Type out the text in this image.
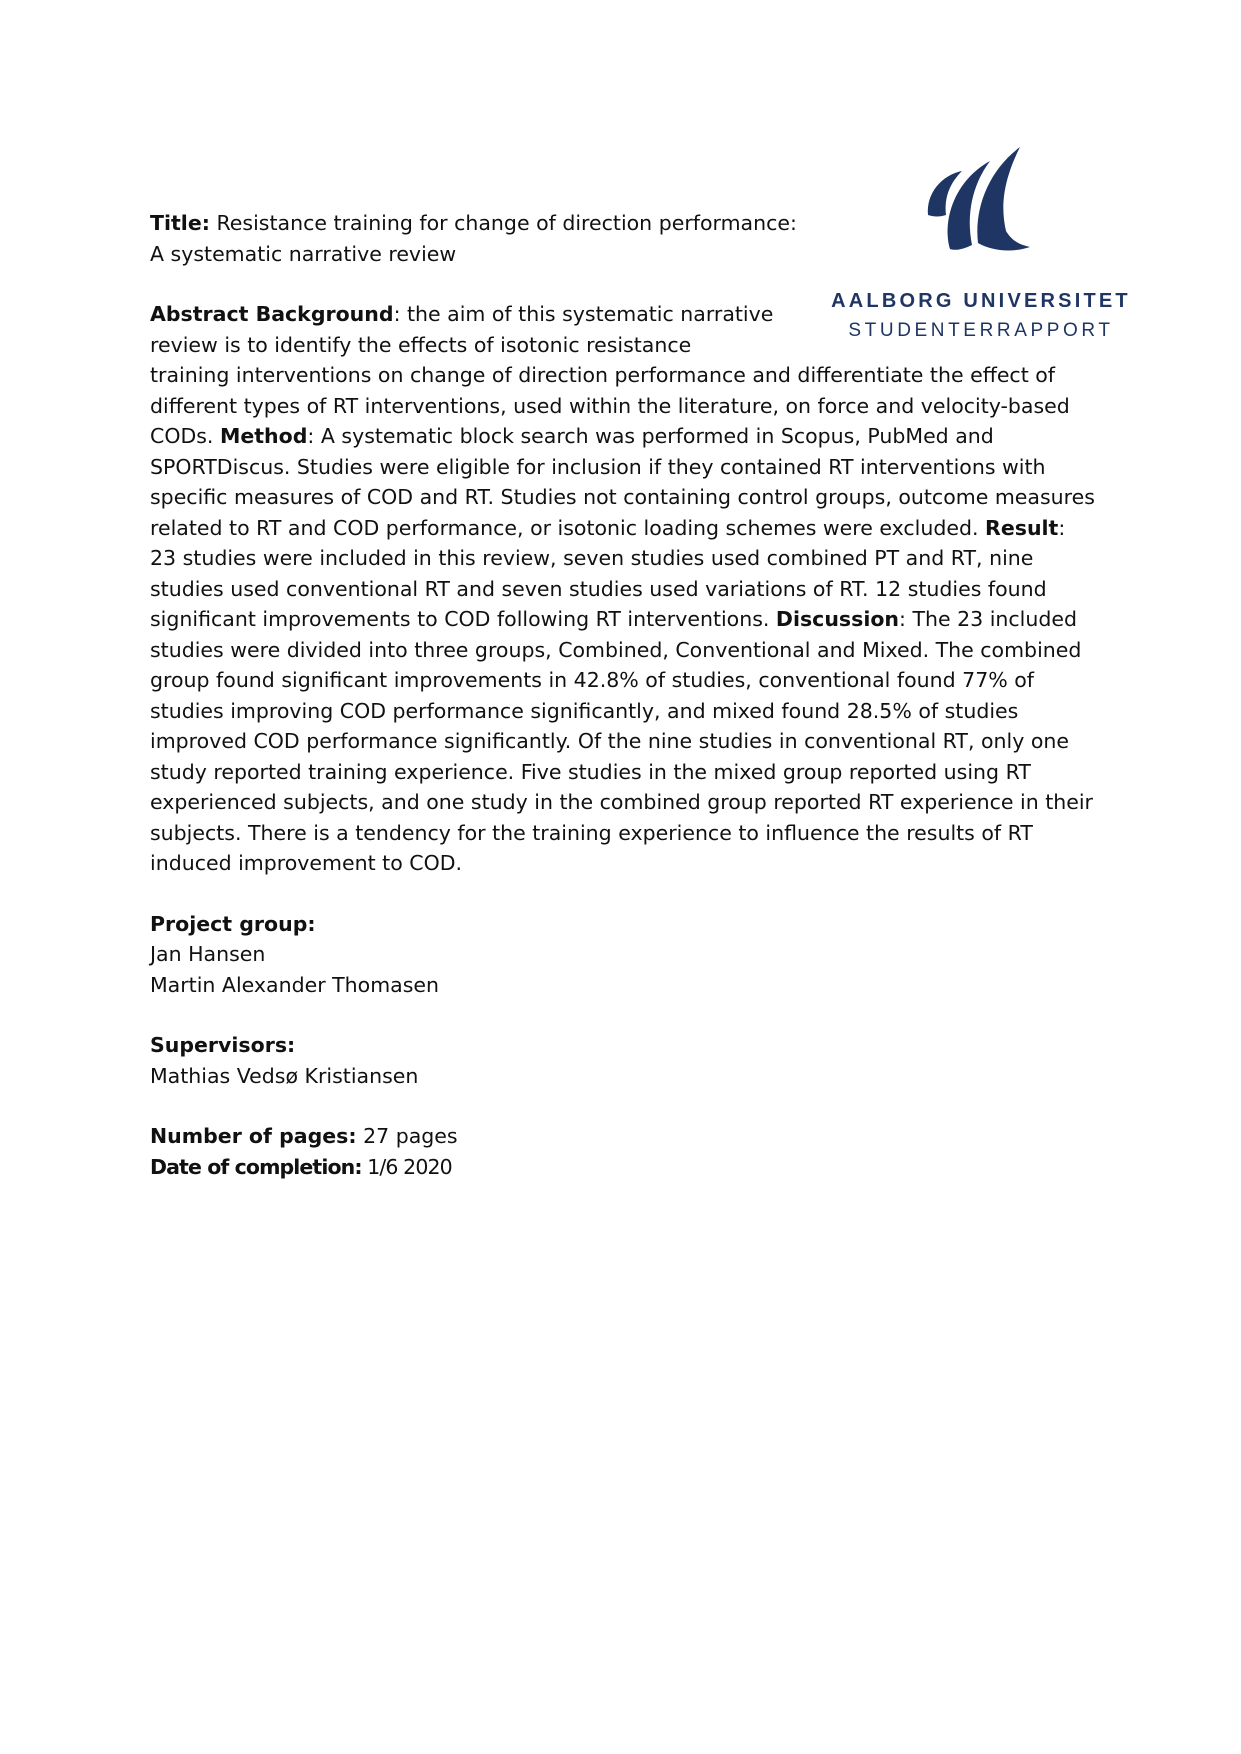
AALBORG UNIVERSITET
STUDENTERRAPPORT
Title: Resistance training for change of direction performance: A systematic narrative review
Abstract Background: the aim of this systematic narrative review is to identify the effects of isotonic resistance training interventions on change of direction performance and differentiate the effect of different types of RT interventions, used within the literature, on force and velocity-based CODs. Method: A systematic block search was performed in Scopus, PubMed and SPORTDiscus. Studies were eligible for inclusion if they contained RT interventions with specific measures of COD and RT. Studies not containing control groups, outcome measures related to RT and COD performance, or isotonic loading schemes were excluded. Result: 23 studies were included in this review, seven studies used combined PT and RT, nine studies used conventional RT and seven studies used variations of RT. 12 studies found significant improvements to COD following RT interventions. Discussion: The 23 included studies were divided into three groups, Combined, Conventional and Mixed. The combined group found significant improvements in 42.8% of studies, conventional found 77% of studies improving COD performance significantly, and mixed found 28.5% of studies improved COD performance significantly. Of the nine studies in conventional RT, only one study reported training experience. Five studies in the mixed group reported using RT experienced subjects, and one study in the combined group reported RT experience in their subjects. There is a tendency for the training experience to influence the results of RT induced improvement to COD.
Project group:
Jan Hansen
Martin Alexander Thomasen
Supervisors:
Mathias Vedsø Kristiansen
Number of pages: 27 pages
Date of completion: 1/6 2020
